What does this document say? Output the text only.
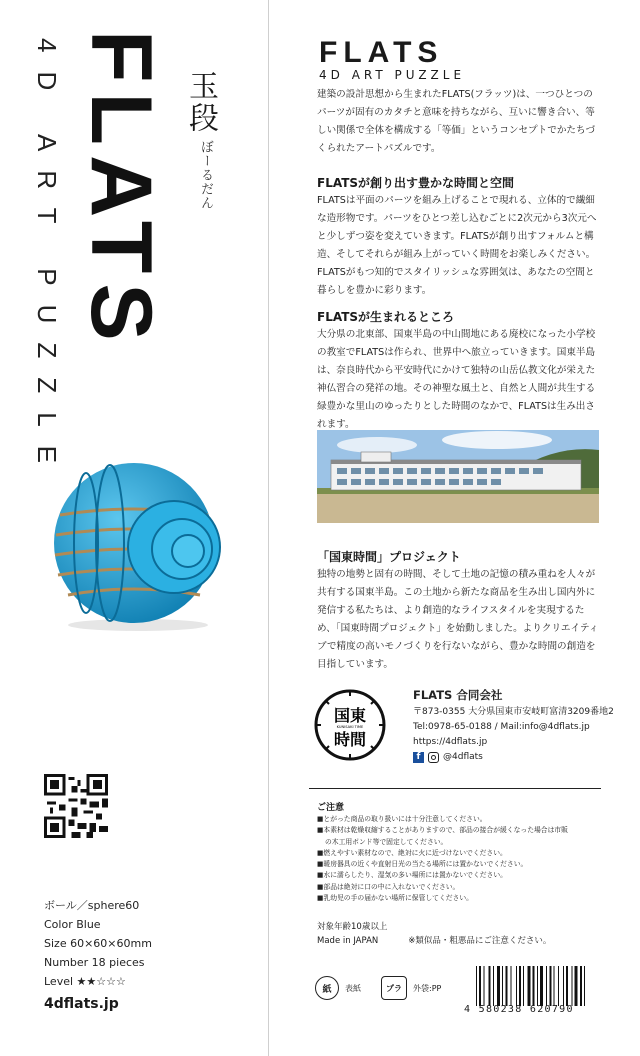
4D ART PUZZLE FLATS 玉段
ぼーるだん
ボール／sphere60
Color Blue
Size 60×60×60mm
Number 18 pieces
Level ★★☆☆☆
4dflats.jp
FLATS
4D ART PUZZLE
建築の設計思想から生まれたFLATS(フラッツ)は、一つひとつのパーツが固有のカタチと意味を持ちながら、互いに響き合い、等しい関係で全体を構成する「等価」というコンセプトでかたちづくられたアートパズルです。
FLATSが創り出す豊かな時間と空間
FLATSは平面のパーツを組み上げることで現れる、立体的で繊細な造形物です。パーツをひとつ差し込むごとに2次元から3次元へと少しずつ姿を変えていきます。FLATSが創り出すフォルムと構造、そしてそれらが組み上がっていく時間をお楽しみください。FLATSがもつ知的でスタイリッシュな雰囲気は、あなたの空間と暮らしを豊かに彩ります。
FLATSが生まれるところ
大分県の北東部、国東半島の中山間地にある廃校になった小学校の教室でFLATSは作られ、世界中へ旅立っていきます。国東半島は、奈良時代から平安時代にかけて独特の山岳仏教文化が栄えた神仏習合の発祥の地。その神聖な風土と、自然と人間が共生する緑豊かな里山のゆったりとした時間のなかで、FLATSは生み出されます。
「国東時間」プロジェクト
独特の地勢と固有の時間、そして土地の記憶の積み重ねを人々が共有する国東半島。この土地から新たな商品を生み出し国内外に発信する私たちは、より創造的なライフスタイルを実現するため、「国東時間プロジェクト」を始動しました。よりクリエイティブで精度の高いモノづくりを行ないながら、豊かな時間の創造を目指しています。
国東
KUNISAKI TIME
時間
FLATS 合同会社
〒873-0355 大分県国東市安岐町富清3209番地2
Tel:0978-65-0188 / Mail:info@4dflats.jp
https://4dflats.jp
f	@4dflats
ご注意
■とがった商品の取り扱いには十分注意してください。
■本素材は乾燥収縮することがありますので、部品の接合が緩くなった場合は市販
の木工用ボンド等で固定してください。
■燃えやすい素材なので、絶対に火に近づけないでください。
■暖房器具の近くや直射日光の当たる場所には置かないでください。
■水に濡らしたり、湿気の多い場所には置かないでください。
■部品は絶対に口の中に入れないでください。
■乳幼児の手の届かない場所に保管してください。
対象年齢10歳以上
Made in JAPAN	※類似品・粗悪品にご注意ください。
紙	表紙	プラ	外袋:PP
4 580238 620790
